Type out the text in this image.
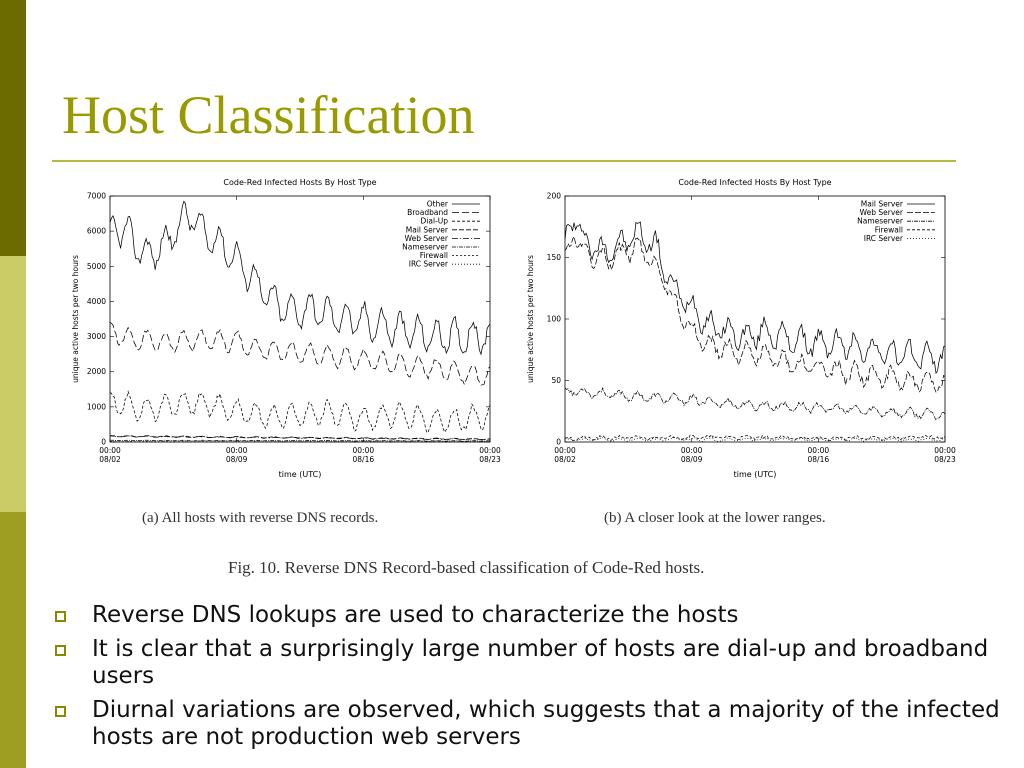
Host Classification
Code-Red Infected Hosts By Host Type
0
1000
2000
3000
4000
5000
6000
7000
00:00
08/02
00:00
08/09
00:00
08/16
00:00
08/23
time (UTC)
unique active hosts per two hours
Other
Broadband
Dial-Up
Mail Server
Web Server
Nameserver
Firewall
IRC Server
Code-Red Infected Hosts By Host Type
0
50
100
150
200
00:00
08/02
00:00
08/09
00:00
08/16
00:00
08/23
time (UTC)
unique active hosts per two hours
Mail Server
Web Server
Nameserver
Firewall
IRC Server
(a) All hosts with reverse DNS records.	(b) A closer look at the lower ranges.
Fig. 10. Reverse DNS Record-based classification of Code-Red hosts.
Reverse DNS lookups are used to characterize the hosts
It is clear that a surprisingly large number of hosts are dial-up and broadband users
Diurnal variations are observed, which suggests that a majority of the infected hosts are not production web servers
